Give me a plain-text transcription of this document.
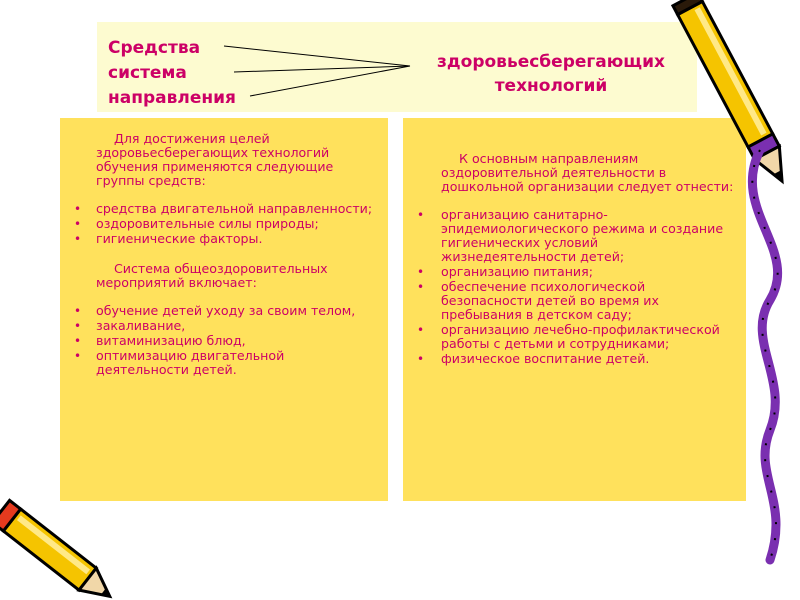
Средства
система
направления
здоровьесберегающих
технологий

Для достижения целей здоровьесберегающих технологий обучения применяются следующие группы средств:

• средства двигательной направленности;
• оздоровительные силы природы;
• гигиенические факторы.

Система общеоздоровительных мероприятий включает:

• обучение детей уходу за своим телом,
• закаливание,
• витаминизацию блюд,
• оптимизацию двигательной деятельности детей.

К основным направлениям оздоровительной деятельности в дошкольной организации следует отнести:

• организацию санитарно-эпидемиологического режима и создание гигиенических условий жизнедеятельности детей;
• организацию питания;
• обеспечение психологической безопасности детей во время их пребывания в детском саду;
• организацию лечебно-профилактической работы с детьми и сотрудниками;
• физическое воспитание детей.
